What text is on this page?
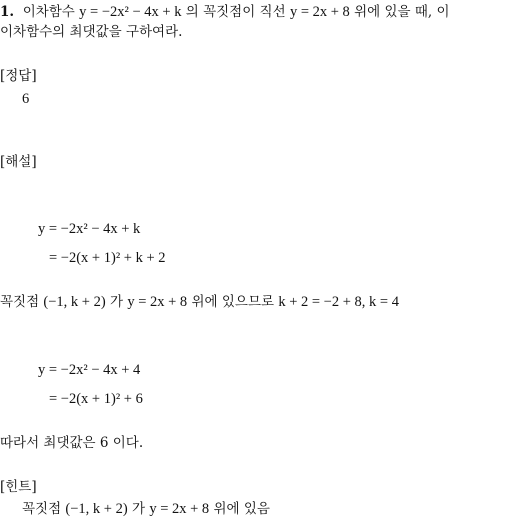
1. 이차함수 y = −2x² − 4x + k 의 꼭짓점이 직선 y = 2x + 8 위에 있을 때, 이
이차함수의 최댓값을 구하여라.
[정답]
6
[해설]
y = −2x² − 4x + k
= −2(x + 1)² + k + 2
꼭짓점 (−1, k + 2) 가 y = 2x + 8 위에 있으므로 k + 2 = −2 + 8, k = 4
y = −2x² − 4x + 4
= −2(x + 1)² + 6
따라서 최댓값은 6 이다.
[힌트]
꼭짓점 (−1, k + 2) 가 y = 2x + 8 위에 있음
